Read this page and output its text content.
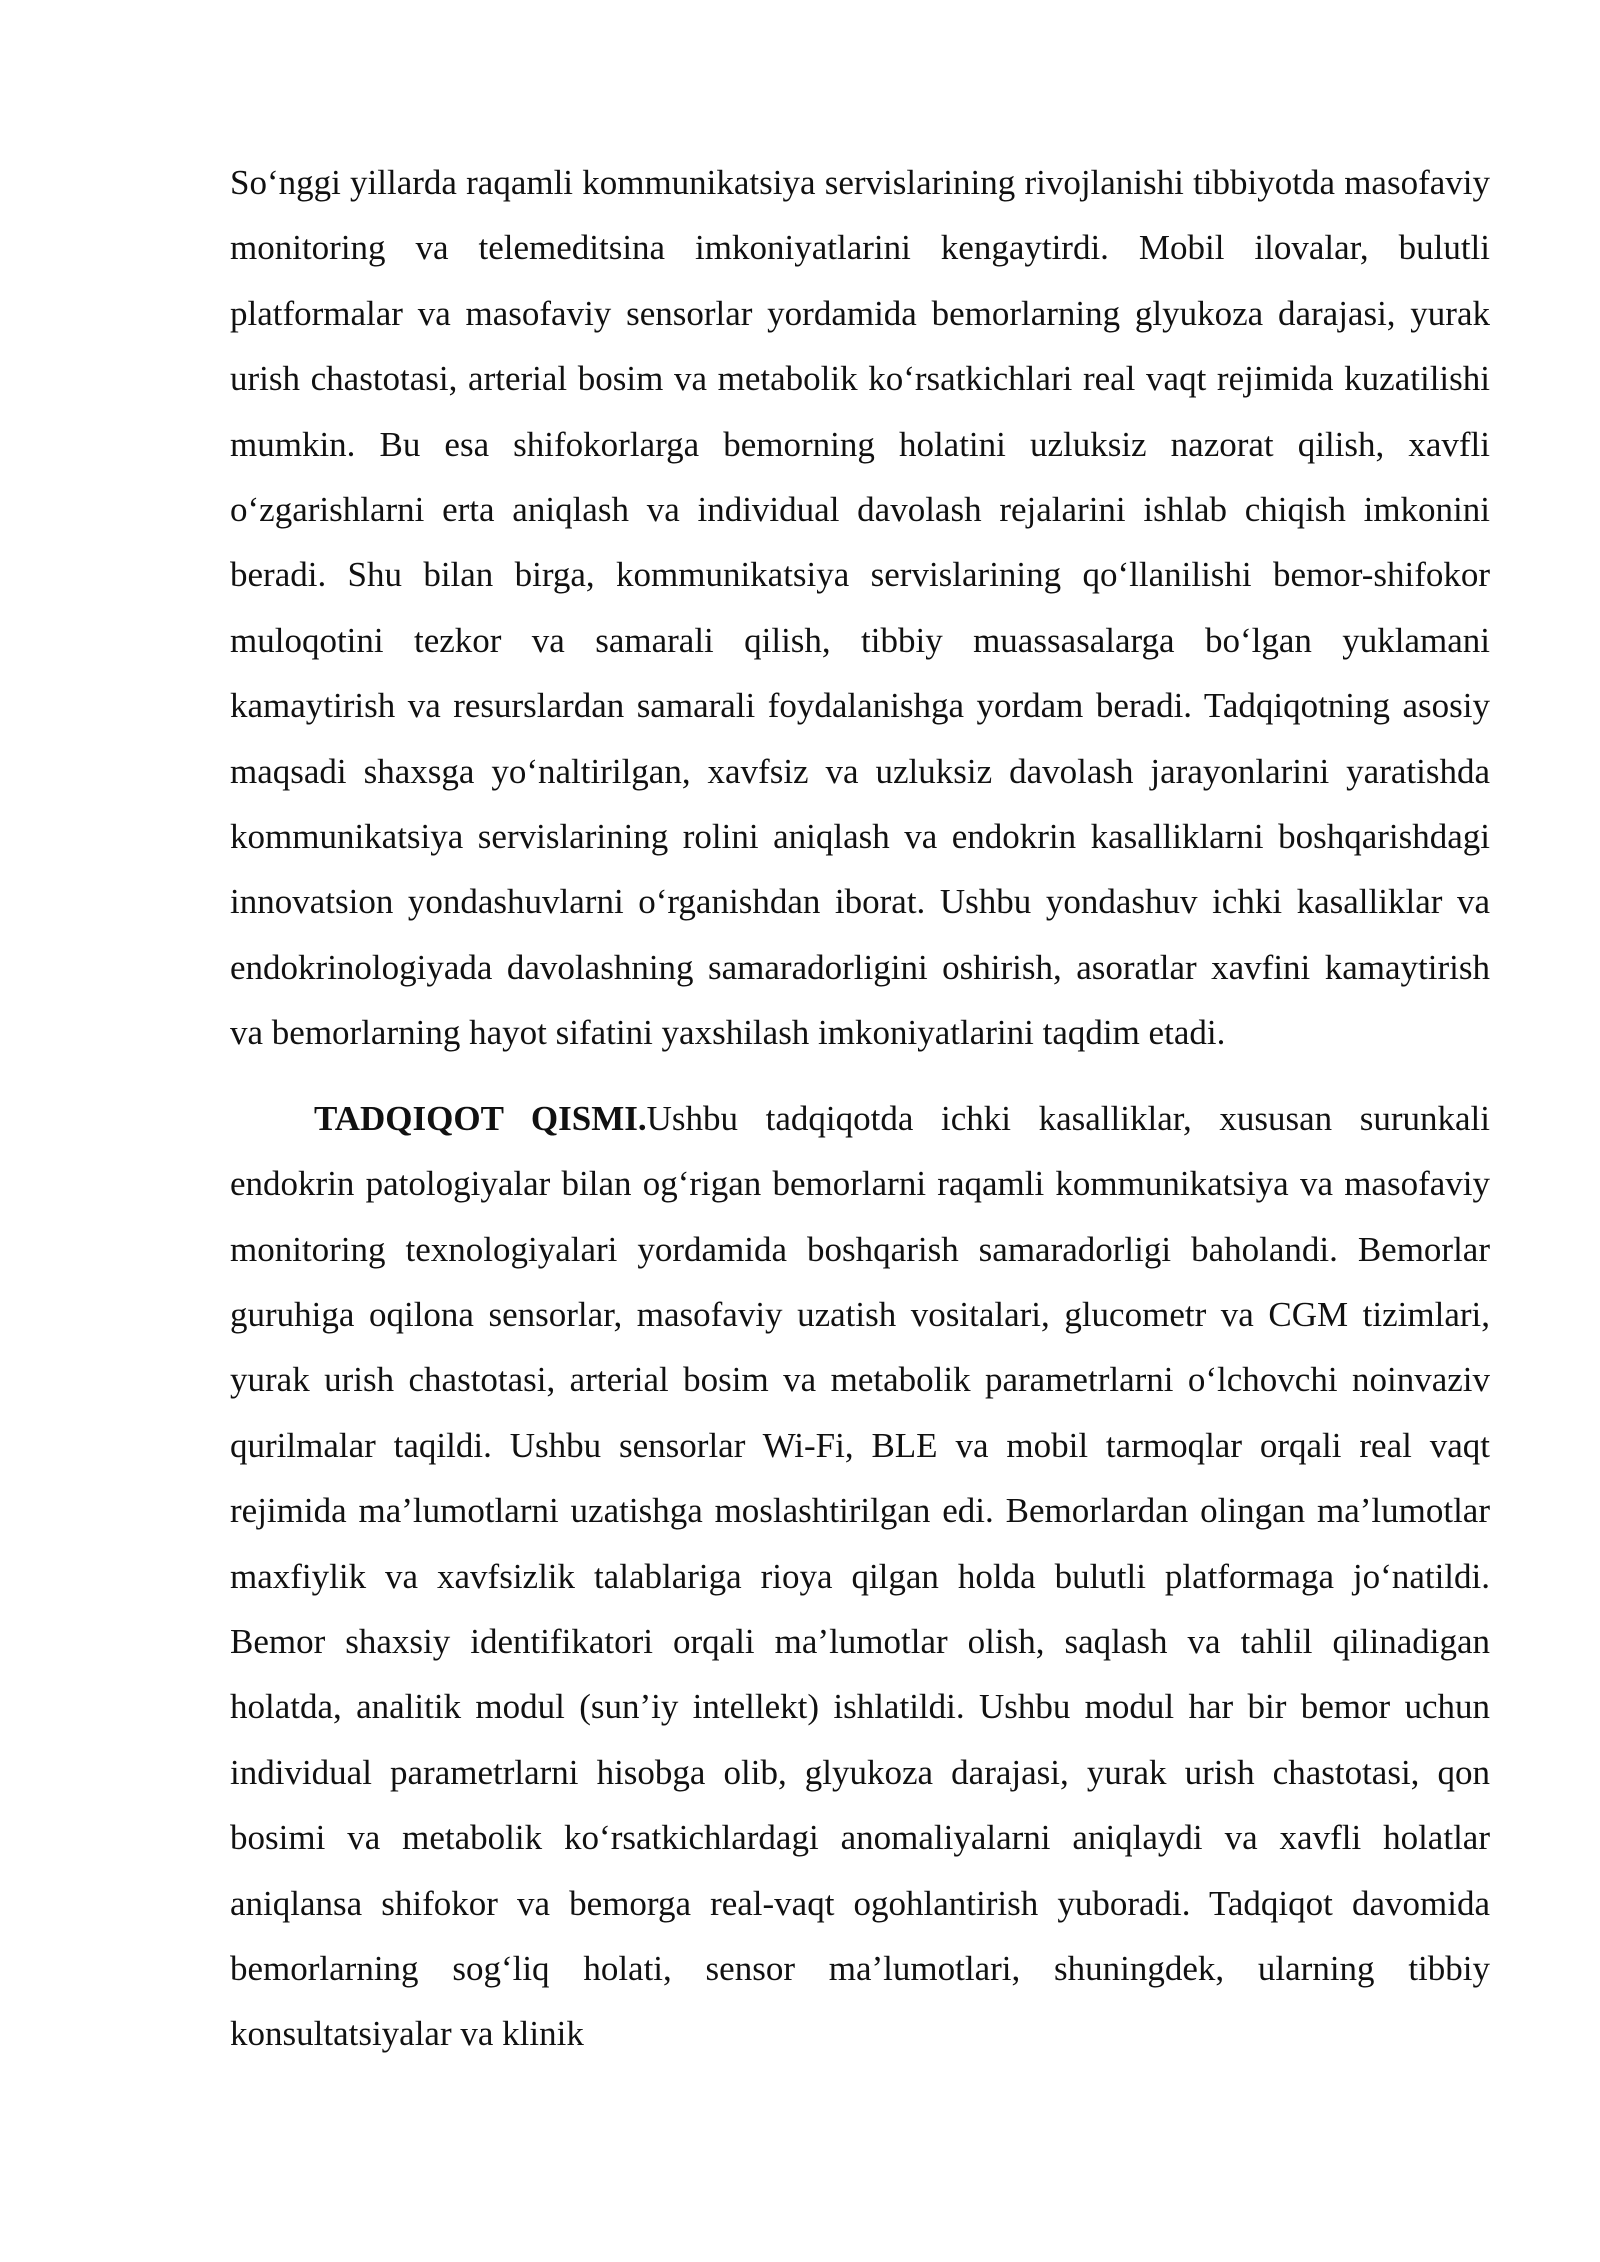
So‘nggi yillarda raqamli kommunikatsiya servislarining rivojlanishi tibbiyotda masofaviy monitoring va telemeditsina imkoniyatlarini kengaytirdi. Mobil ilovalar, bulutli platformalar va masofaviy sensorlar yordamida bemorlarning glyukoza darajasi, yurak urish chastotasi, arterial bosim va metabolik ko‘rsatkichlari real vaqt rejimida kuzatilishi mumkin. Bu esa shifokorlarga bemorning holatini uzluksiz nazorat qilish, xavfli o‘zgarishlarni erta aniqlash va individual davolash rejalarini ishlab chiqish imkonini beradi. Shu bilan birga, kommunikatsiya servislarining qo‘llanilishi bemor-shifokor muloqotini tezkor va samarali qilish, tibbiy muassasalarga bo‘lgan yuklamani kamaytirish va resurslardan samarali foydalanishga yordam beradi. Tadqiqotning asosiy maqsadi shaxsga yo‘naltirilgan, xavfsiz va uzluksiz davolash jarayonlarini yaratishda kommunikatsiya servislarining rolini aniqlash va endokrin kasalliklarni boshqarishdagi innovatsion yondashuvlarni o‘rganishdan iborat. Ushbu yondashuv ichki kasalliklar va endokrinologiyada davolashning samaradorligini oshirish, asoratlar xavfini kamaytirish va bemorlarning hayot sifatini yaxshilash imkoniyatlarini taqdim etadi.

TADQIQOT QISMI.Ushbu tadqiqotda ichki kasalliklar, xususan surunkali endokrin patologiyalar bilan og‘rigan bemorlarni raqamli kommunikatsiya va masofaviy monitoring texnologiyalari yordamida boshqarish samaradorligi baholandi. Bemorlar guruhiga oqilona sensorlar, masofaviy uzatish vositalari, glucometr va CGM tizimlari, yurak urish chastotasi, arterial bosim va metabolik parametrlarni o‘lchovchi noinvaziv qurilmalar taqildi. Ushbu sensorlar Wi-Fi, BLE va mobil tarmoqlar orqali real vaqt rejimida ma’lumotlarni uzatishga moslashtirilgan edi. Bemorlardan olingan ma’lumotlar maxfiylik va xavfsizlik talablariga rioya qilgan holda bulutli platformaga jo‘natildi. Bemor shaxsiy identifikatori orqali ma’lumotlar olish, saqlash va tahlil qilinadigan holatda, analitik modul (sun’iy intellekt) ishlatildi. Ushbu modul har bir bemor uchun individual parametrlarni hisobga olib, glyukoza darajasi, yurak urish chastotasi, qon bosimi va metabolik ko‘rsatkichlardagi anomaliyalarni aniqlaydi va xavfli holatlar aniqlansa shifokor va bemorga real-vaqt ogohlantirish yuboradi. Tadqiqot davomida bemorlarning sog‘liq holati, sensor ma’lumotlari, shuningdek, ularning tibbiy konsultatsiyalar va klinik
